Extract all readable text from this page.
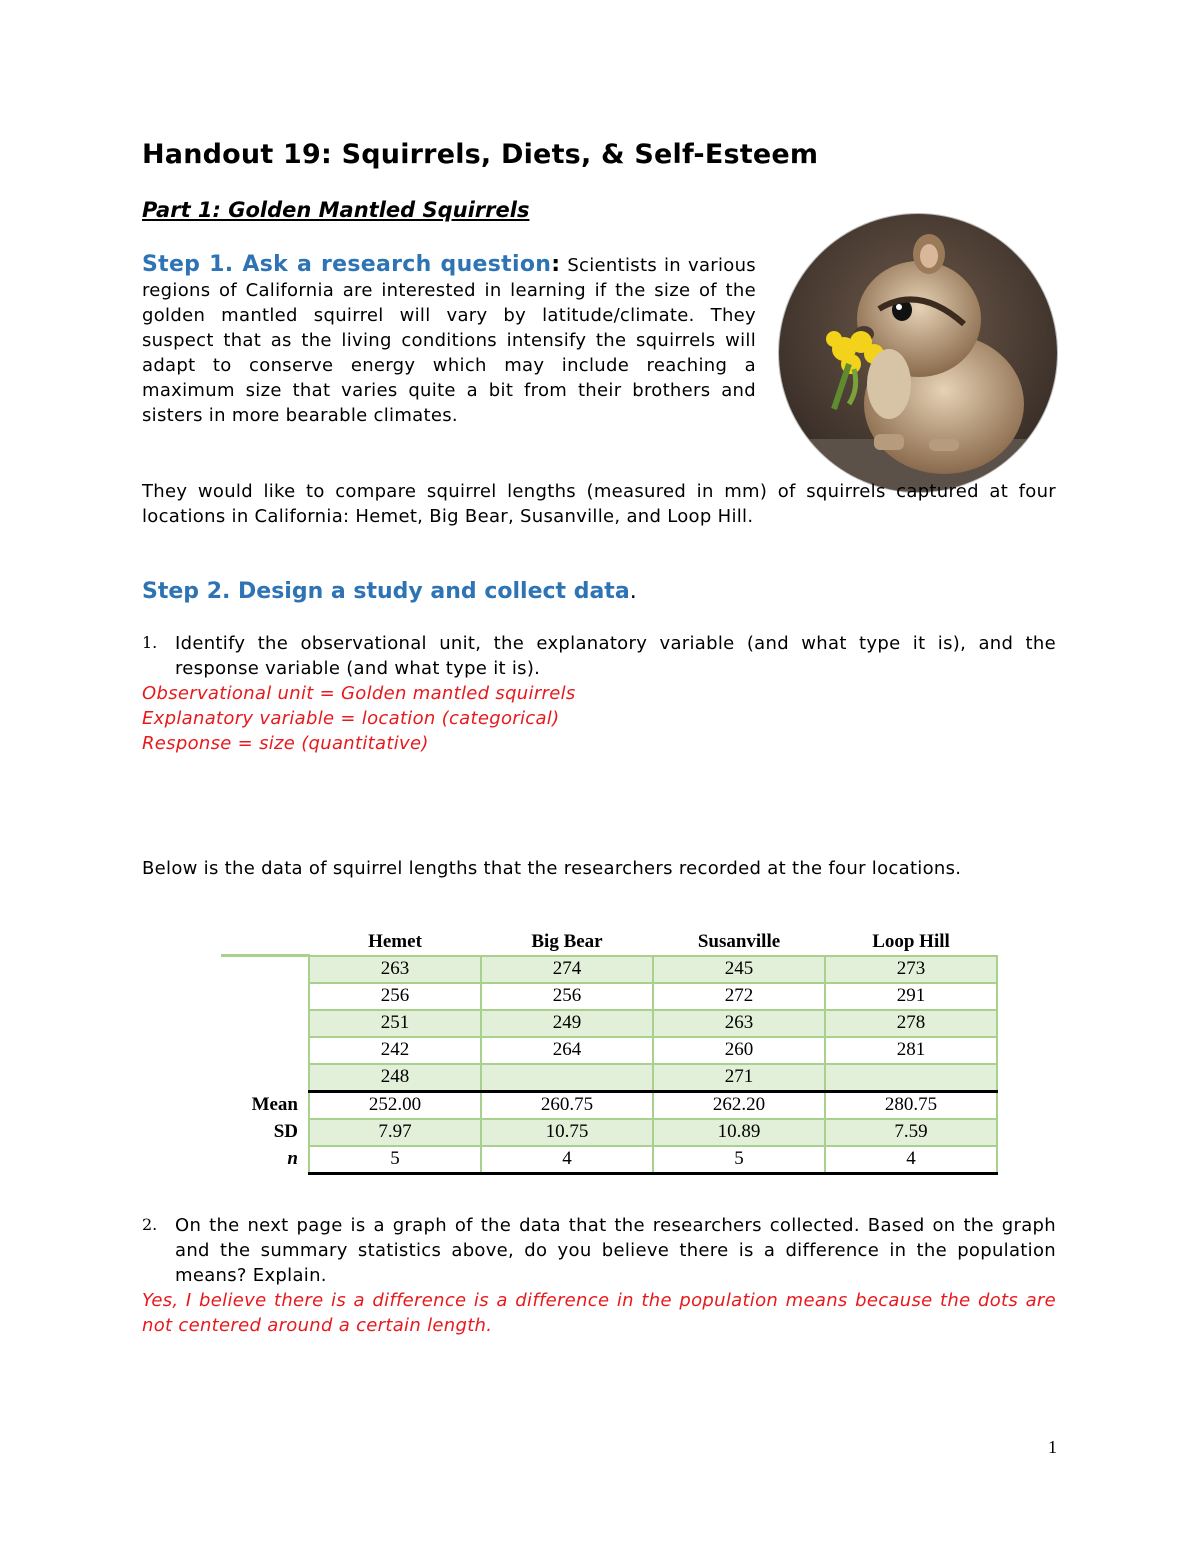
Handout 19: Squirrels, Diets, & Self-Esteem
Part 1: Golden Mantled Squirrels
Step 1. Ask a research question: Scientists in various regions of California are interested in learning if the size of the golden mantled squirrel will vary by latitude/climate. They suspect that as the living conditions intensify the squirrels will adapt to conserve energy which may include reaching a maximum size that varies quite a bit from their brothers and sisters in more bearable climates.
They would like to compare squirrel lengths (measured in mm) of squirrels captured at four locations in California: Hemet, Big Bear, Susanville, and Loop Hill.
Step 2. Design a study and collect data.
1. Identify the observational unit, the explanatory variable (and what type it is), and the response variable (and what type it is).
Observational unit = Golden mantled squirrels
Explanatory variable = location (categorical)
Response = size (quantitative)
Below is the data of squirrel lengths that the researchers recorded at the four locations.
	Hemet	Big Bear	Susanville	Loop Hill
	263	274	245	273
	256	256	272	291
	251	249	263	278
	242	264	260	281
	248		271	
Mean	252.00	260.75	262.20	280.75
SD	7.97	10.75	10.89	7.59
n	5	4	5	4
2. On the next page is a graph of the data that the researchers collected. Based on the graph and the summary statistics above, do you believe there is a difference in the population means? Explain.
Yes, I believe there is a difference is a difference in the population means because the dots are not centered around a certain length.
1
